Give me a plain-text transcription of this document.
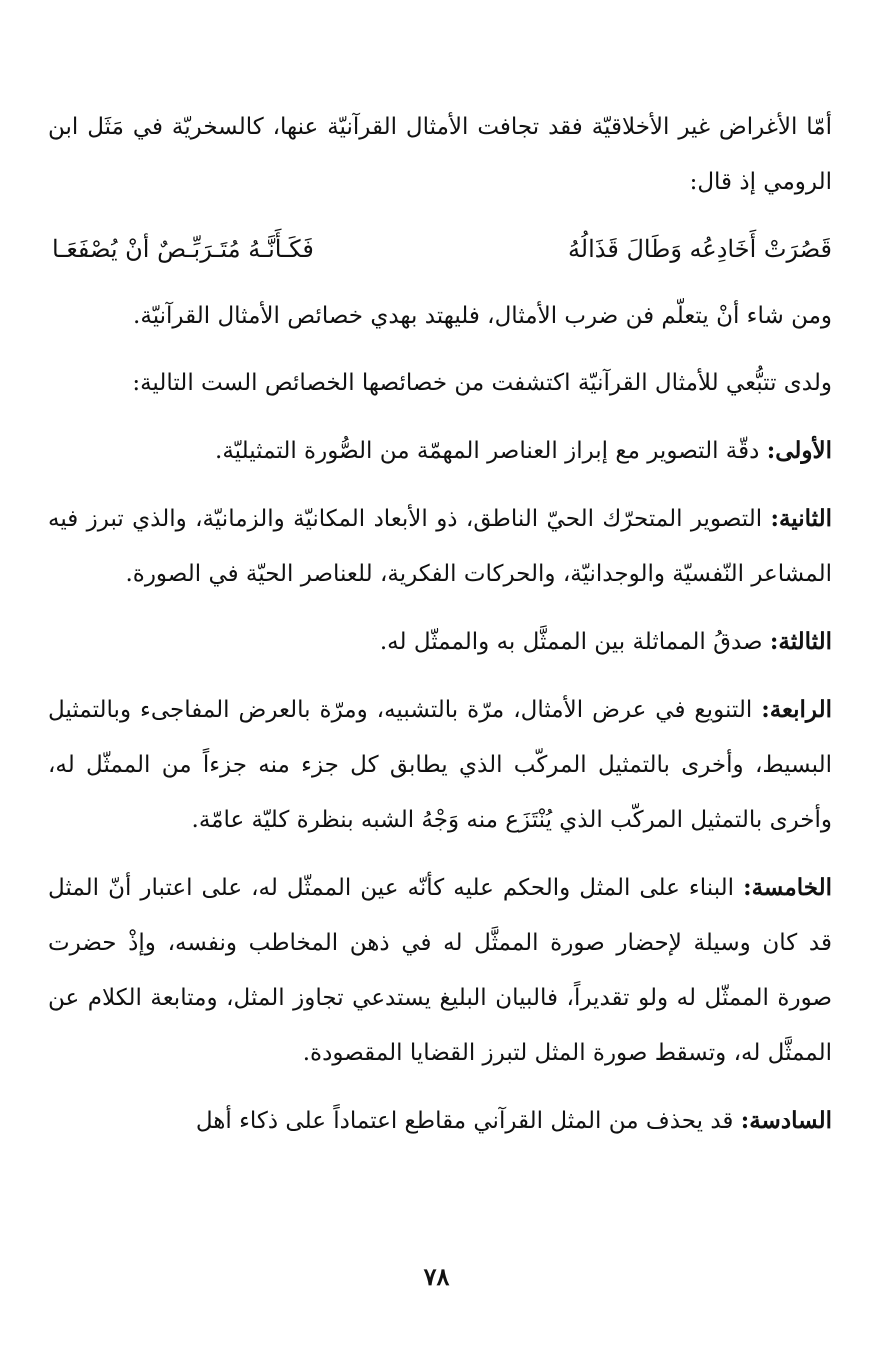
أمّا الأغراض غير الأخلاقيّة فقد تجافت الأمثال القرآنيّة عنها، كالسخريّة في مَثَل ابن الرومي إذ قال:

قَصُرَتْ أَخَادِعُه وَطَالَ قَذَالُهُ
فَكَـأَنَّـهُ مُتَـرَبِّـصٌ أنْ يُصْفَعَـا

ومن شاء أنْ يتعلّم فن ضرب الأمثال، فليهتد بهدي خصائص الأمثال القرآنيّة.

ولدى تتبُّعي للأمثال القرآنيّة اكتشفت من خصائصها الخصائص الست التالية:

الأولى: دقّة التصوير مع إبراز العناصر المهمّة من الصُّورة التمثيليّة.

الثانية: التصوير المتحرّك الحيّ الناطق، ذو الأبعاد المكانيّة والزمانيّة، والذي تبرز فيه المشاعر النّفسيّة والوجدانيّة، والحركات الفكرية، للعناصر الحيّة في الصورة.

الثالثة: صدقُ المماثلة بين الممثَّل به والممثّل له.

الرابعة: التنويع في عرض الأمثال، مرّة بالتشبيه، ومرّة بالعرض المفاجىء وبالتمثيل البسيط، وأخرى بالتمثيل المركّب الذي يطابق كل جزء منه جزءاً من الممثّل له، وأخرى بالتمثيل المركّب الذي يُنْتَزَع منه وَجْهُ الشبه بنظرة كليّة عامّة.

الخامسة: البناء على المثل والحكم عليه كأنّه عين الممثّل له، على اعتبار أنّ المثل قد كان وسيلة لإحضار صورة الممثَّل له في ذهن المخاطب ونفسه، وإذْ حضرت صورة الممثّل له ولو تقديراً، فالبيان البليغ يستدعي تجاوز المثل، ومتابعة الكلام عن الممثَّل له، وتسقط صورة المثل لتبرز القضايا المقصودة.

السادسة: قد يحذف من المثل القرآني مقاطع اعتماداً على ذكاء أهل

٧٨
